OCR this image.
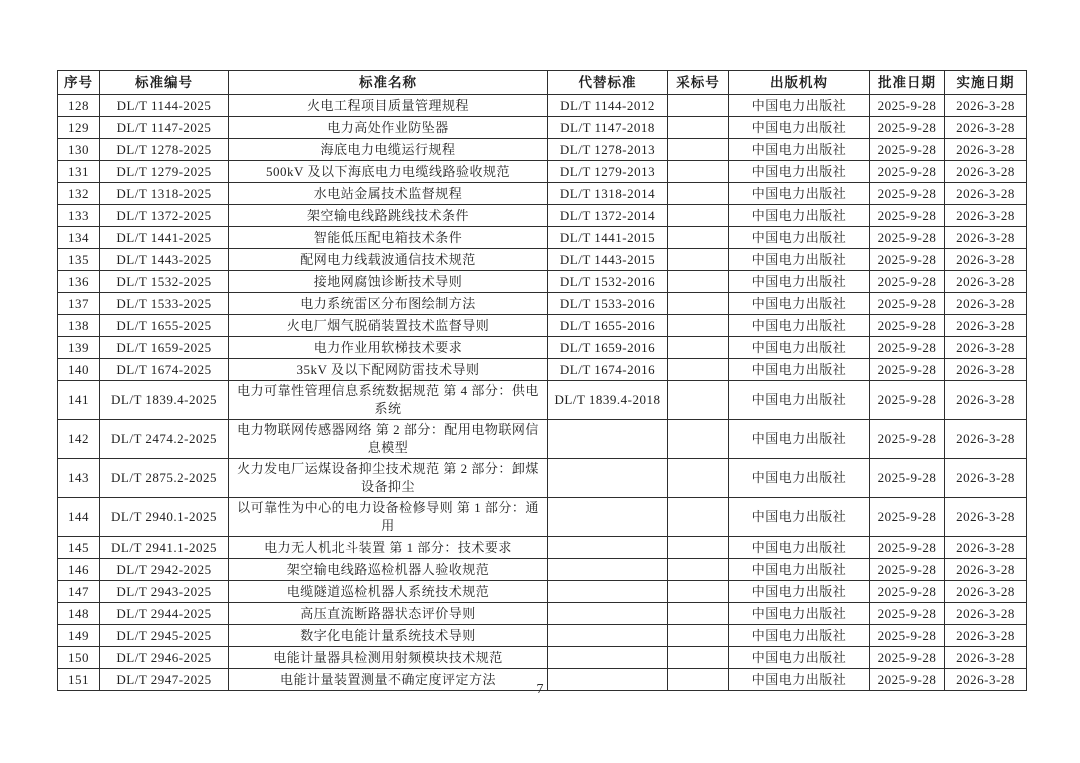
序号	标准编号	标准名称	代替标准	采标号	出版机构	批准日期	实施日期
128	DL/T 1144-2025	火电工程项目质量管理规程	DL/T 1144-2012		中国电力出版社	2025-9-28	2026-3-28
129	DL/T 1147-2025	电力高处作业防坠器	DL/T 1147-2018		中国电力出版社	2025-9-28	2026-3-28
130	DL/T 1278-2025	海底电力电缆运行规程	DL/T 1278-2013		中国电力出版社	2025-9-28	2026-3-28
131	DL/T 1279-2025	500kV 及以下海底电力电缆线路验收规范	DL/T 1279-2013		中国电力出版社	2025-9-28	2026-3-28
132	DL/T 1318-2025	水电站金属技术监督规程	DL/T 1318-2014		中国电力出版社	2025-9-28	2026-3-28
133	DL/T 1372-2025	架空输电线路跳线技术条件	DL/T 1372-2014		中国电力出版社	2025-9-28	2026-3-28
134	DL/T 1441-2025	智能低压配电箱技术条件	DL/T 1441-2015		中国电力出版社	2025-9-28	2026-3-28
135	DL/T 1443-2025	配网电力线载波通信技术规范	DL/T 1443-2015		中国电力出版社	2025-9-28	2026-3-28
136	DL/T 1532-2025	接地网腐蚀诊断技术导则	DL/T 1532-2016		中国电力出版社	2025-9-28	2026-3-28
137	DL/T 1533-2025	电力系统雷区分布图绘制方法	DL/T 1533-2016		中国电力出版社	2025-9-28	2026-3-28
138	DL/T 1655-2025	火电厂烟气脱硝装置技术监督导则	DL/T 1655-2016		中国电力出版社	2025-9-28	2026-3-28
139	DL/T 1659-2025	电力作业用软梯技术要求	DL/T 1659-2016		中国电力出版社	2025-9-28	2026-3-28
140	DL/T 1674-2025	35kV 及以下配网防雷技术导则	DL/T 1674-2016		中国电力出版社	2025-9-28	2026-3-28
141	DL/T 1839.4-2025	电力可靠性管理信息系统数据规范 第 4 部分：供电系统	DL/T 1839.4-2018		中国电力出版社	2025-9-28	2026-3-28
142	DL/T 2474.2-2025	电力物联网传感器网络 第 2 部分：配用电物联网信息模型			中国电力出版社	2025-9-28	2026-3-28
143	DL/T 2875.2-2025	火力发电厂运煤设备抑尘技术规范 第 2 部分：卸煤设备抑尘			中国电力出版社	2025-9-28	2026-3-28
144	DL/T 2940.1-2025	以可靠性为中心的电力设备检修导则 第 1 部分：通用			中国电力出版社	2025-9-28	2026-3-28
145	DL/T 2941.1-2025	电力无人机北斗装置 第 1 部分：技术要求			中国电力出版社	2025-9-28	2026-3-28
146	DL/T 2942-2025	架空输电线路巡检机器人验收规范			中国电力出版社	2025-9-28	2026-3-28
147	DL/T 2943-2025	电缆隧道巡检机器人系统技术规范			中国电力出版社	2025-9-28	2026-3-28
148	DL/T 2944-2025	高压直流断路器状态评价导则			中国电力出版社	2025-9-28	2026-3-28
149	DL/T 2945-2025	数字化电能计量系统技术导则			中国电力出版社	2025-9-28	2026-3-28
150	DL/T 2946-2025	电能计量器具检测用射频模块技术规范			中国电力出版社	2025-9-28	2026-3-28
151	DL/T 2947-2025	电能计量装置测量不确定度评定方法			中国电力出版社	2025-9-28	2026-3-28
7
